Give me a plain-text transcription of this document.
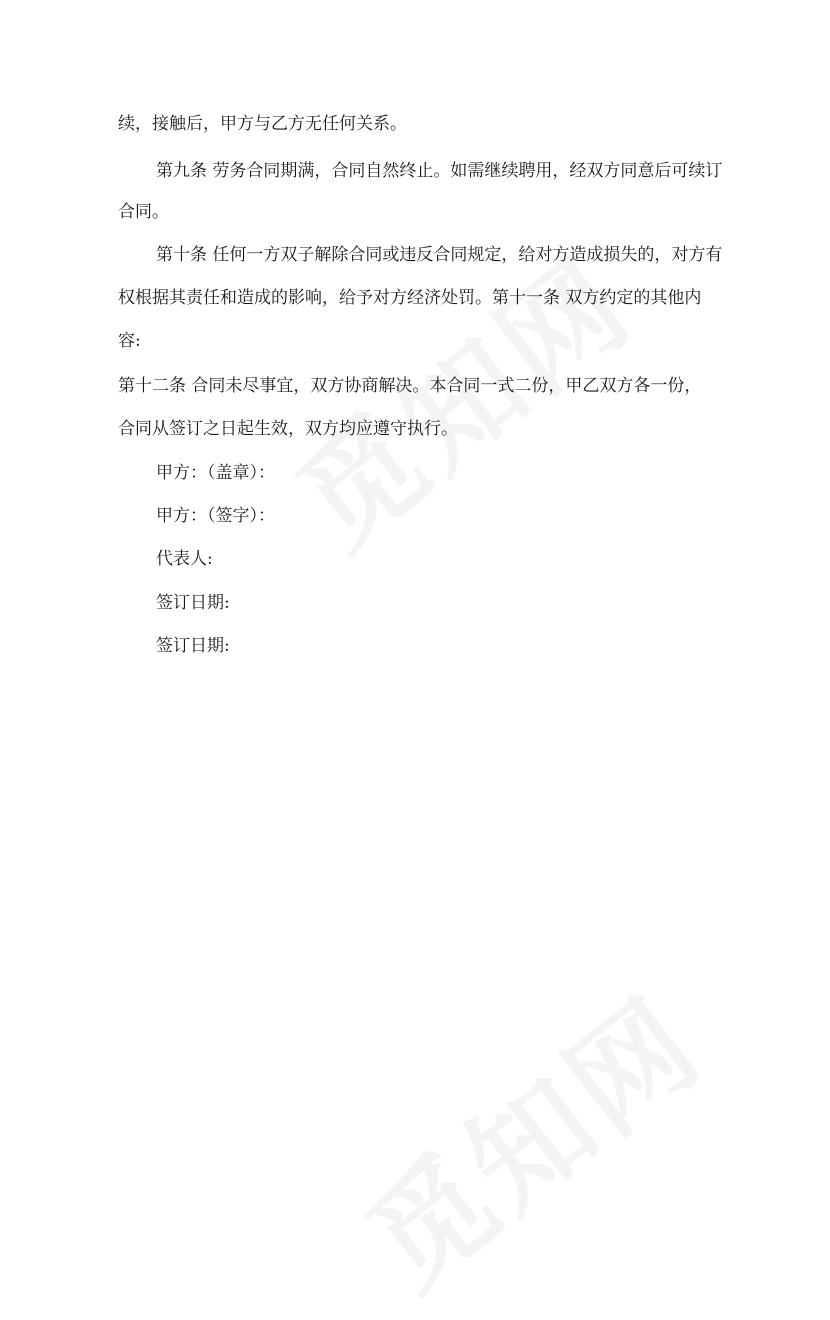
续，接触后，甲方与乙方无任何关系。
第九条 劳务合同期满，合同自然终止。如需继续聘用，经双方同意后可续订
合同。
第十条 任何一方双子解除合同或违反合同规定，给对方造成损失的，对方有
权根据其责任和造成的影响，给予对方经济处罚。第十一条 双方约定的其他内
容:
第十二条 合同未尽事宜，双方协商解决。本合同一式二份，甲乙双方各一份，
合同从签订之日起生效，双方均应遵守执行。
甲方：（盖章）：
甲方：（签字）：
代表人:
签订日期:
签订日期:
